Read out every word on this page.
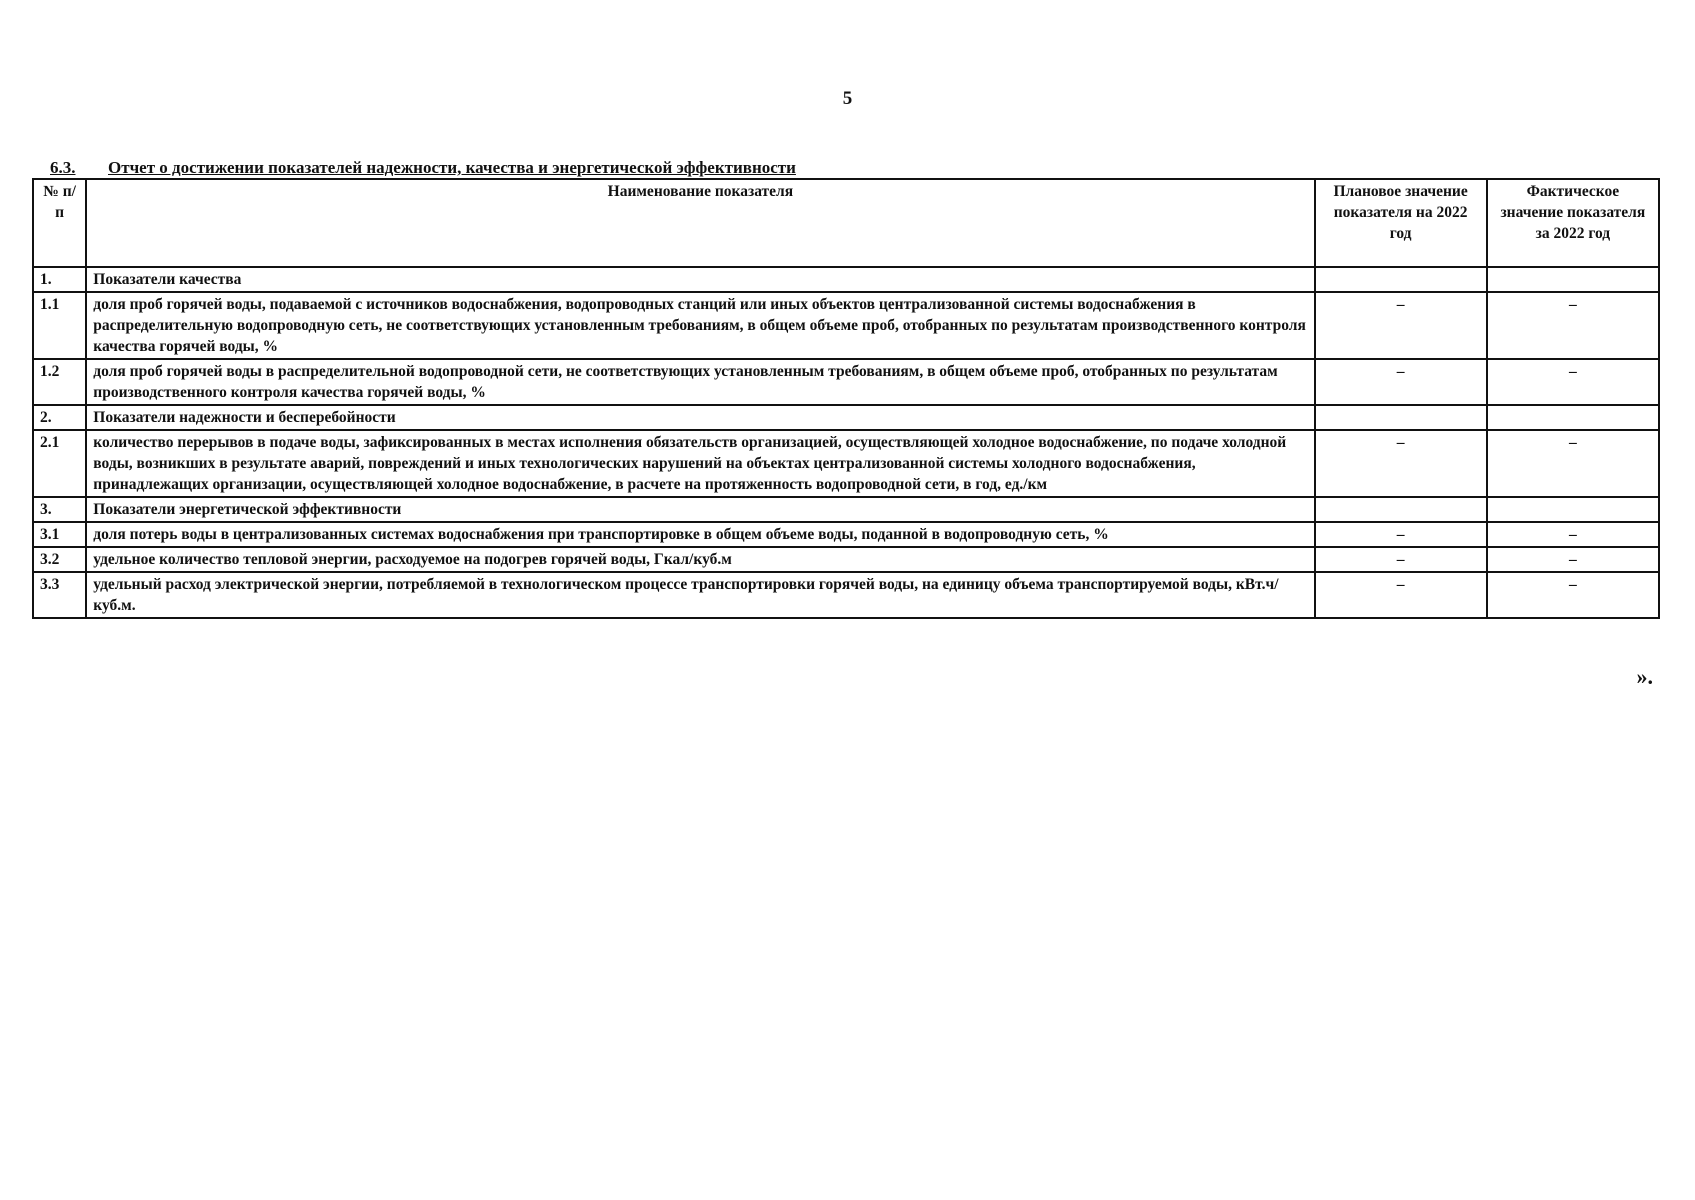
5
6.3. Отчет о достижении показателей надежности, качества и энергетической эффективности
№ п/п	Наименование показателя	Плановое значение показателя на 2022 год	Фактическое значение показателя за 2022 год
1.	Показатели качества		
1.1	доля проб горячей воды, подаваемой с источников водоснабжения, водопроводных станций или иных объектов централизованной системы водоснабжения в распределительную водопроводную сеть, не соответствующих установленным требованиям, в общем объеме проб, отобранных по результатам производственного контроля качества горячей воды, %	–	–
1.2	доля проб горячей воды в распределительной водопроводной сети, не соответствующих установленным требованиям, в общем объеме проб, отобранных по результатам производственного контроля качества горячей воды, %	–	–
2.	Показатели надежности и бесперебойности		
2.1	количество перерывов в подаче воды, зафиксированных в местах исполнения обязательств организацией, осуществляющей холодное водоснабжение, по подаче холодной воды, возникших в результате аварий, повреждений и иных технологических нарушений на объектах централизованной системы холодного водоснабжения, принадлежащих организации, осуществляющей холодное водоснабжение, в расчете на протяженность водопроводной сети, в год, ед./км	–	–
3.	Показатели энергетической эффективности		
3.1	доля потерь воды в централизованных системах водоснабжения при транспортировке в общем объеме воды, поданной в водопроводную сеть, %	–	–
3.2	удельное количество тепловой энергии, расходуемое на подогрев горячей воды, Гкал/куб.м	–	–
3.3	удельный расход электрической энергии, потребляемой в технологическом процессе транспортировки горячей воды, на единицу объема транспортируемой воды, кВт.ч/куб.м.	–	–
».
